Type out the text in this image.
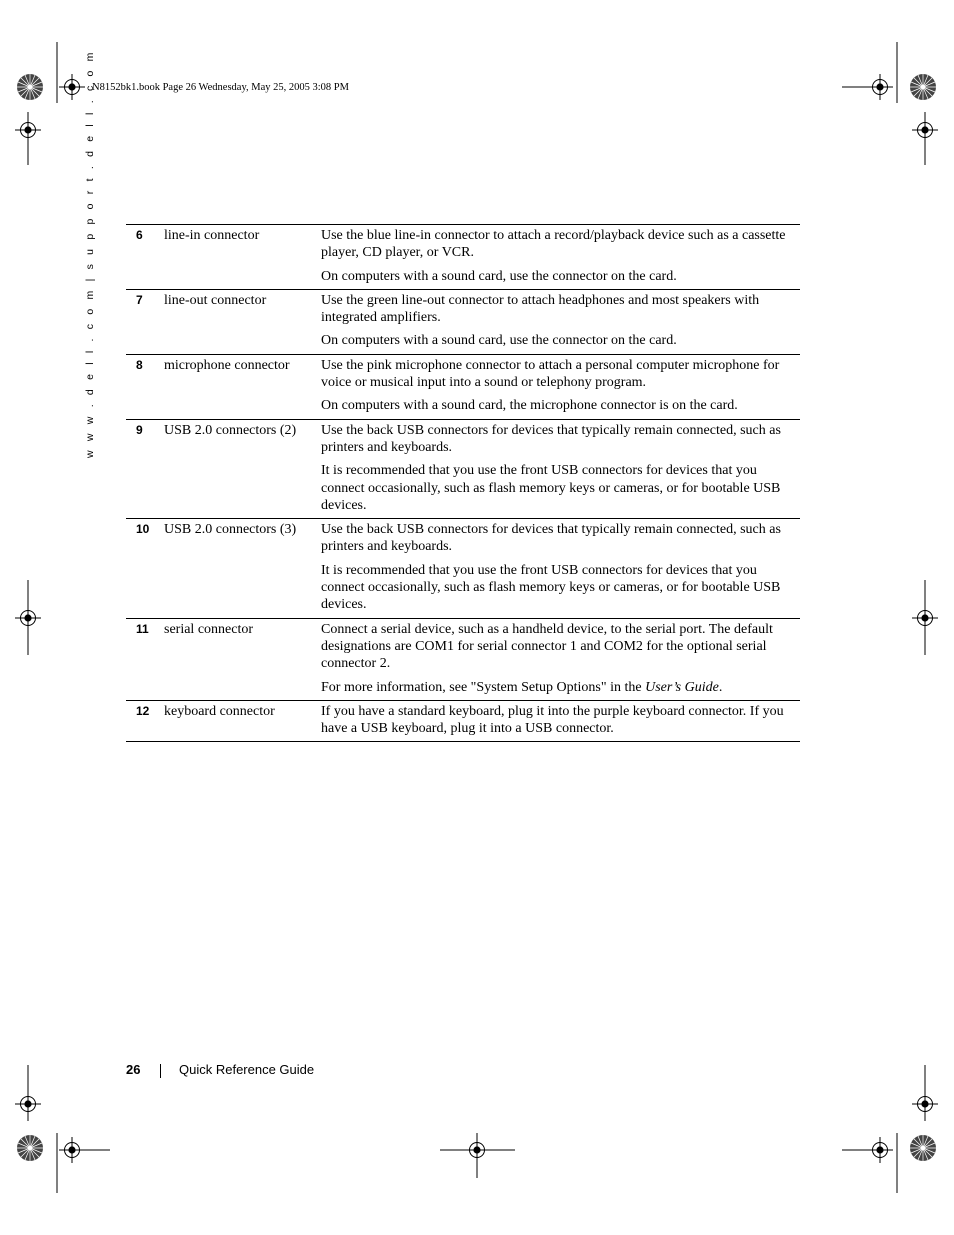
N8152bk1.book Page 26 Wednesday, May 25, 2005 3:08 PM
w w w . d e l l . c o m | s u p p o r t . d e l l . c o m	6	line-in connector	Use the blue line-in connector to attach a record/playback device such as a cassette player, CD player, or VCR.

On computers with a sound card, use the connector on the card.

7	line-out connector	Use the green line-out connector to attach headphones and most speakers with integrated amplifiers.

On computers with a sound card, use the connector on the card.

8	microphone connector	Use the pink microphone connector to attach a personal computer microphone for voice or musical input into a sound or telephony program.

On computers with a sound card, the microphone connector is on the card.

9	USB 2.0 connectors (2)	Use the back USB connectors for devices that typically remain connected, such as printers and keyboards.

It is recommended that you use the front USB connectors for devices that you connect occasionally, such as flash memory keys or cameras, or for bootable USB devices.

10	USB 2.0 connectors (3)	Use the back USB connectors for devices that typically remain connected, such as printers and keyboards.

It is recommended that you use the front USB connectors for devices that you connect occasionally, such as flash memory keys or cameras, or for bootable USB devices.

11	serial connector	Connect a serial device, such as a handheld device, to the serial port. The default designations are COM1 for serial connector 1 and COM2 for the optional serial connector 2.

For more information, see "System Setup Options" in the User’s Guide.

12	keyboard connector	If you have a standard keyboard, plug it into the purple keyboard connector. If you have a USB keyboard, plug it into a USB connector.

26	Quick Reference Guide
